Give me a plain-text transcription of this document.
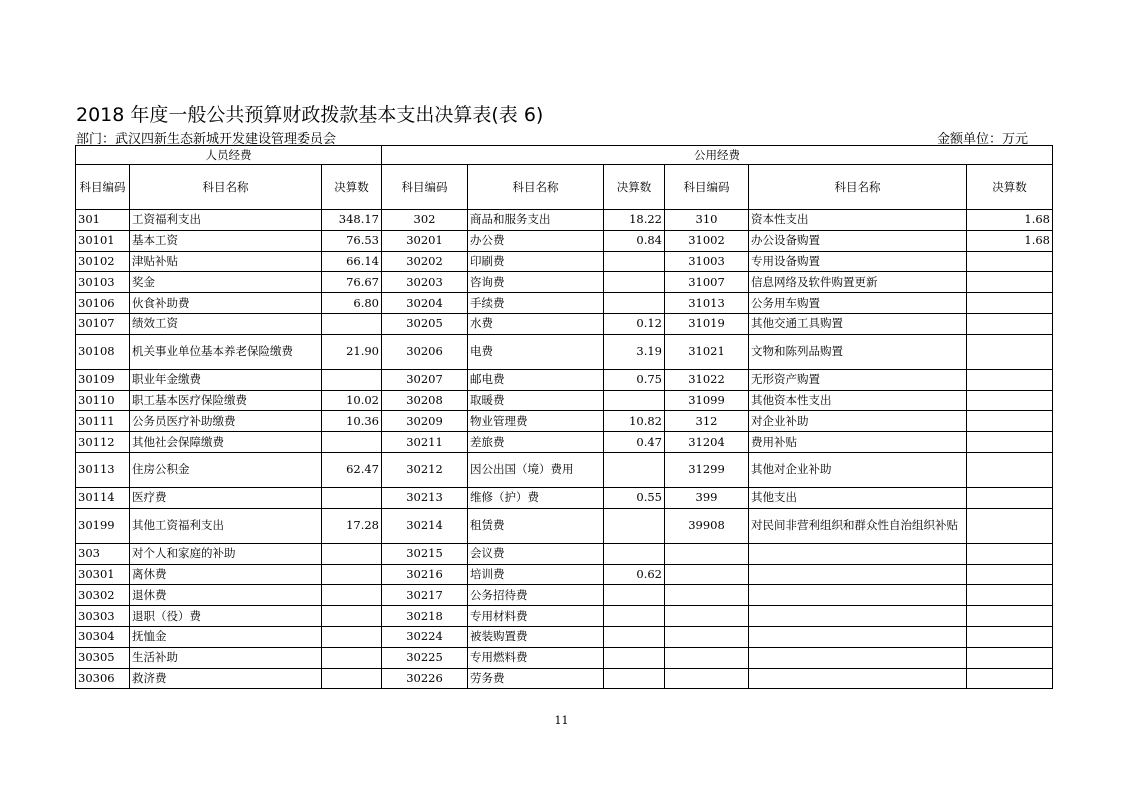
2018 年度一般公共预算财政拨款基本支出决算表(表 6)
部门：武汉四新生态新城开发建设管理委员会	金额单位：万元
人员经费			公用经费					
科目编码	科目名称	决算数	科目编码	科目名称	决算数	科目编码	科目名称	决算数
301	工资福利支出	348.17	302	商品和服务支出	18.22	310	资本性支出	1.68
30101	基本工资	76.53	30201	办公费	0.84	31002	办公设备购置	1.68
30102	津贴补贴	66.14	30202	印刷费		31003	专用设备购置	
30103	奖金	76.67	30203	咨询费		31007	信息网络及软件购置更新	
30106	伙食补助费	6.80	30204	手续费		31013	公务用车购置	
30107	绩效工资		30205	水费	0.12	31019	其他交通工具购置	
30108	机关事业单位基本养老保险缴费	21.90	30206	电费	3.19	31021	文物和陈列品购置	
30109	职业年金缴费		30207	邮电费	0.75	31022	无形资产购置	
30110	职工基本医疗保险缴费	10.02	30208	取暖费		31099	其他资本性支出	
30111	公务员医疗补助缴费	10.36	30209	物业管理费	10.82	312	对企业补助	
30112	其他社会保障缴费		30211	差旅费	0.47	31204	费用补贴	
30113	住房公积金	62.47	30212	因公出国（境）费用		31299	其他对企业补助	
30114	医疗费		30213	维修（护）费	0.55	399	其他支出	
30199	其他工资福利支出	17.28	30214	租赁费		39908	对民间非营利组织和群众性自治组织补贴	
303	对个人和家庭的补助		30215	会议费				
30301	离休费		30216	培训费	0.62			
30302	退休费		30217	公务招待费				
30303	退职（役）费		30218	专用材料费				
30304	抚恤金		30224	被装购置费				
30305	生活补助		30225	专用燃料费				
30306	救济费		30226	劳务费				
11
